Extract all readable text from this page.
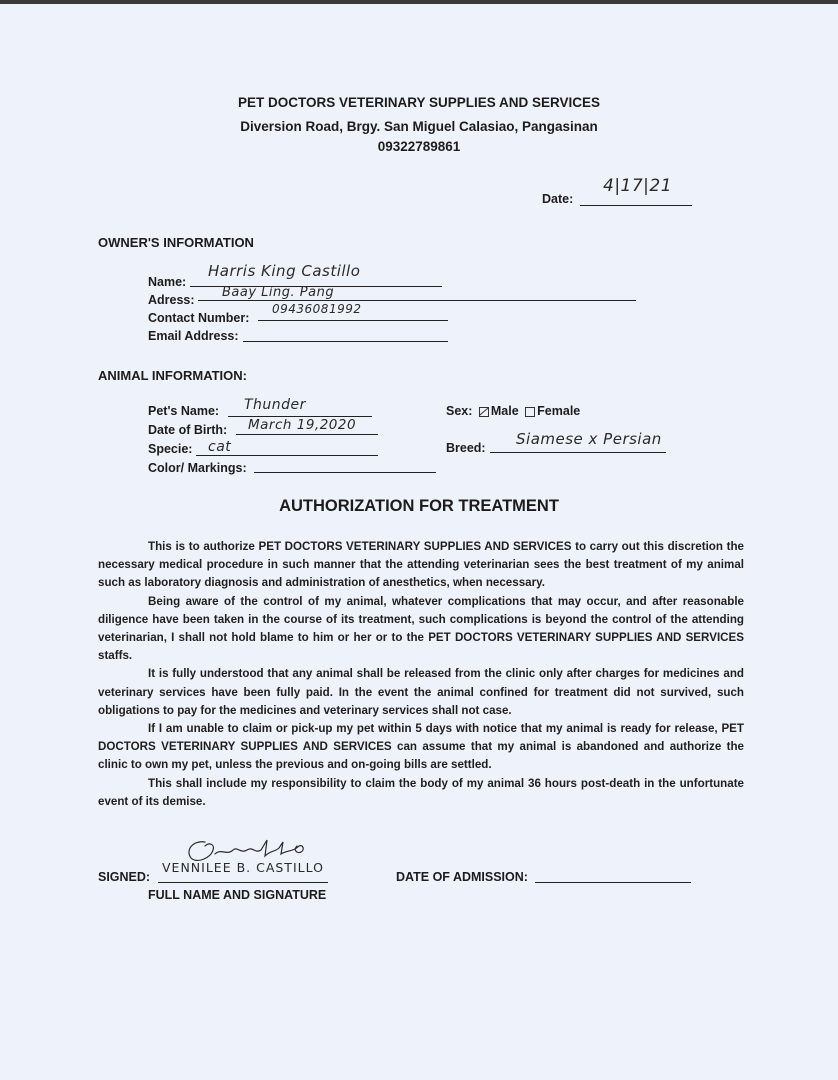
PET DOCTORS VETERINARY SUPPLIES AND SERVICES
Diversion Road, Brgy. San Miguel Calasiao, Pangasinan
09322789861
Date:
4|17|21
OWNER'S INFORMATION
Name:
Harris King Castillo
Adress: Baay Ling. Pang
Contact Number:
09436081992
Email Address:
ANIMAL INFORMATION:
Pet's Name: Thunder
Date of Birth: March 19,2020
Specie: cat
Color/ Markings:
Sex: Male Female
Breed: Siamese x Persian
AUTHORIZATION FOR TREATMENT

This is to authorize PET DOCTORS VETERINARY SUPPLIES AND SERVICES to carry out this discretion the necessary medical procedure in such manner that the attending veterinarian sees the best treatment of my animal such as laboratory diagnosis and administration of anesthetics, when necessary.

Being aware of the control of my animal, whatever complications that may occur, and after reasonable diligence have been taken in the course of its treatment, such complications is beyond the control of the attending veterinarian, I shall not hold blame to him or her or to the PET DOCTORS VETERINARY SUPPLIES AND SERVICES staffs.

It is fully understood that any animal shall be released from the clinic only after charges for medicines and veterinary services have been fully paid. In the event the animal confined for treatment did not survived, such obligations to pay for the medicines and veterinary services shall not case.

If I am unable to claim or pick-up my pet within 5 days with notice that my animal is ready for release, PET DOCTORS VETERINARY SUPPLIES AND SERVICES can assume that my animal is abandoned and authorize the clinic to own my pet, unless the previous and on-going bills are settled.

This shall include my responsibility to claim the body of my animal 36 hours post-death in the unfortunate event of its demise.

SIGNED:
VENNILEE B. CASTILLO
FULL NAME AND SIGNATURE
DATE OF ADMISSION:
